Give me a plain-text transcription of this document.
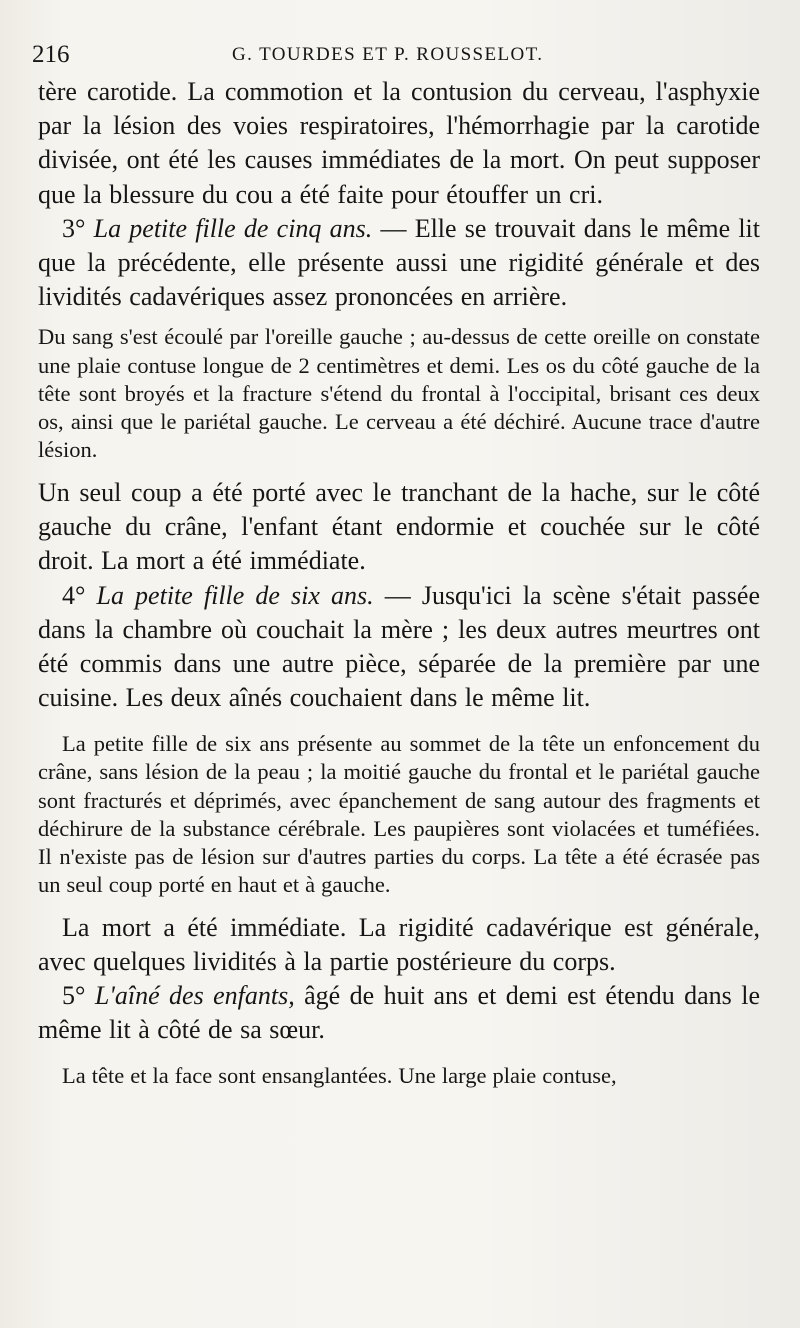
216	G. TOURDES ET P. ROUSSELOT.

tère carotide. La commotion et la contusion du cerveau, l'asphyxie par la lésion des voies respiratoires, l'hémorrhagie par la carotide divisée, ont été les causes immédiates de la mort. On peut supposer que la blessure du cou a été faite pour étouffer un cri.

3° La petite fille de cinq ans. — Elle se trouvait dans le même lit que la précédente, elle présente aussi une rigidité générale et des lividités cadavériques assez prononcées en arrière.

Du sang s'est écoulé par l'oreille gauche ; au-dessus de cette oreille on constate une plaie contuse longue de 2 centimètres et demi. Les os du côté gauche de la tête sont broyés et la fracture s'étend du frontal à l'occipital, brisant ces deux os, ainsi que le pariétal gauche. Le cerveau a été déchiré. Aucune trace d'autre lésion.

Un seul coup a été porté avec le tranchant de la hache, sur le côté gauche du crâne, l'enfant étant endormie et couchée sur le côté droit. La mort a été immédiate.

4° La petite fille de six ans. — Jusqu'ici la scène s'était passée dans la chambre où couchait la mère ; les deux autres meurtres ont été commis dans une autre pièce, séparée de la première par une cuisine. Les deux aînés couchaient dans le même lit.

La petite fille de six ans présente au sommet de la tête un enfoncement du crâne, sans lésion de la peau ; la moitié gauche du frontal et le pariétal gauche sont fracturés et déprimés, avec épanchement de sang autour des fragments et déchirure de la substance cérébrale. Les paupières sont violacées et tuméfiées. Il n'existe pas de lésion sur d'autres parties du corps. La tête a été écrasée pas un seul coup porté en haut et à gauche.

La mort a été immédiate. La rigidité cadavérique est générale, avec quelques lividités à la partie postérieure du corps.

5° L'aîné des enfants, âgé de huit ans et demi est étendu dans le même lit à côté de sa sœur.

La tête et la face sont ensanglantées. Une large plaie contuse,
